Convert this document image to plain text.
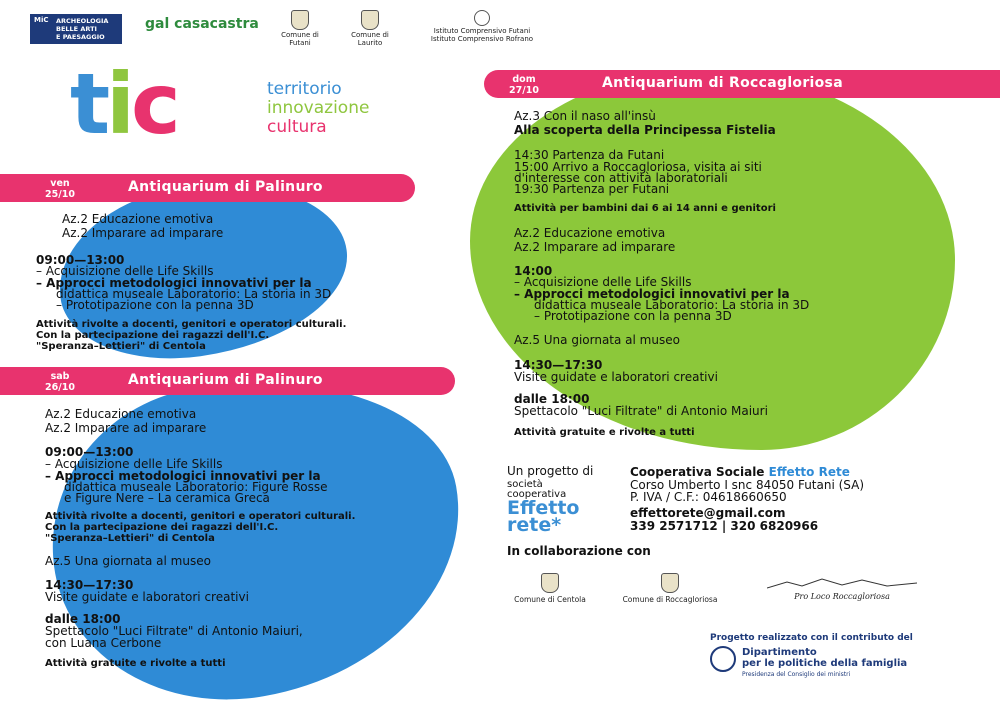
MiC ARCHEOLOGIA
BELLE ARTI
E PAESAGGIO
gal casacastra
Comune di Futani
Comune di Laurito
Istituto Comprensivo Futani
Istituto Comprensivo Rofrano
tic	territorio
innovazione
cultura
ven
25/10	Antiquarium di Palinuro
Az.2 Educazione emotiva
Az.2 Imparare ad imparare
09:00—13:00
– Acquisizione delle Life Skills
– Approcci metodologici innovativi per la
didattica museale Laboratorio: La storia in 3D
– Prototipazione con la penna 3D
Attività rivolte a docenti, genitori e operatori culturali.
Con la partecipazione dei ragazzi dell'I.C.
"Speranza–Lettieri" di Centola
sab
26/10	Antiquarium di Palinuro
Az.2 Educazione emotiva
Az.2 Imparare ad imparare
09:00—13:00
– Acquisizione delle Life Skills
– Approcci metodologici innovativi per la
didattica museale Laboratorio: Figure Rosse
e Figure Nere – La ceramica Greca
Attività rivolte a docenti, genitori e operatori culturali.
Con la partecipazione dei ragazzi dell'I.C.
"Speranza–Lettieri" di Centola
Az.5 Una giornata al museo
14:30—17:30
Visite guidate e laboratori creativi
dalle 18:00
Spettacolo "Luci Filtrate" di Antonio Maiuri,
con Luana Cerbone
Attività gratuite e rivolte a tutti
dom
27/10	Antiquarium di Roccagloriosa
Az.3 Con il naso all'insù
Alla scoperta della Principessa Fistelia
14:30 Partenza da Futani
15:00 Arrivo a Roccagloriosa, visita ai siti
d'interesse con attività laboratoriali
19:30 Partenza per Futani
Attività per bambini dai 6 ai 14 anni e genitori
Az.2 Educazione emotiva
Az.2 Imparare ad imparare
14:00
– Acquisizione delle Life Skills
– Approcci metodologici innovativi per la
didattica museale Laboratorio: La storia in 3D
– Prototipazione con la penna 3D
Az.5 Una giornata al museo
14:30—17:30
Visite guidate e laboratori creativi
dalle 18:00
Spettacolo "Luci Filtrate" di Antonio Maiuri
Attività gratuite e rivolte a tutti
Un progetto di
società cooperativa
Effetto
rete*
Cooperativa Sociale Effetto Rete
Corso Umberto I snc 84050 Futani (SA)
P. IVA / C.F.: 04618660650
effettorete@gmail.com
339 2571712 | 320 6820966
In collaborazione con
Comune di Centola	Comune di Roccagloriosa	Pro Loco Roccagloriosa
Progetto realizzato con il contributo del
Dipartimento
per le politiche della famiglia
Presidenza del Consiglio dei ministri
